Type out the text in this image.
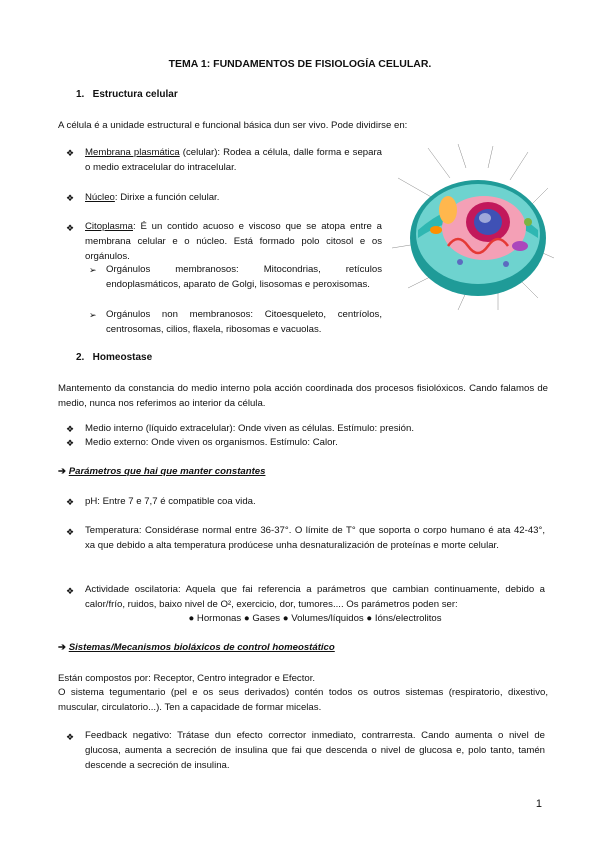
TEMA 1: FUNDAMENTOS DE FISIOLOGÍA CELULAR.
1.   Estructura celular
A célula é a unidade estructural e funcional básica dun ser vivo. Pode dividirse en:
❖ Membrana plasmática (celular): Rodea a célula, dalle forma e separa o medio extracelular do intracelular.
❖ Núcleo: Dirixe a función celular.
❖ Citoplasma: É un contido acuoso e viscoso que se atopa entre a membrana celular e o núcleo. Está formado polo citosol e os orgánulos.
➢ Orgánulos membranosos: Mitocondrias, retículos endoplasmáticos, aparato de Golgi, lisosomas e peroxisomas.
➢ Orgánulos non membranosos: Citoesqueleto, centríolos, centrosomas, cilios, flaxela, ribosomas e vacuolas.
2.   Homeostase
Mantemento da constancia do medio interno pola acción coordinada dos procesos fisiolóxicos. Cando falamos de medio, nunca nos referimos ao interior da célula.
❖ Medio interno (líquido extracelular): Onde viven as células. Estímulo: presión.
❖ Medio externo: Onde viven os organismos. Estímulo: Calor.
➔ Parámetros que hai que manter constantes
❖ pH: Entre 7 e 7,7 é compatible coa vida.
❖ Temperatura: Considérase normal entre 36-37°. O límite de T° que soporta o corpo humano é ata 42-43°, xa que debido a alta temperatura prodúcese unha desnaturalización de proteínas e morte celular.
❖ Actividade oscilatoria: Aquela que fai referencia a parámetros que cambian continuamente, debido a calor/frío, ruidos, baixo nivel de O², exercicio, dor, tumores.... Os parámetros poden ser:
● Hormonas ● Gases ● Volumes/líquidos ● Ións/electrolitos
➔ Sistemas/Mecanismos bioláxicos de control homeostático
Están compostos por: Receptor, Centro integrador e Efector.
O sistema tegumentario (pel e os seus derivados) contén todos os outros sistemas (respiratorio, dixestivo, muscular, circulatorio...). Ten a capacidade de formar micelas.
❖ Feedback negativo: Trátase dun efecto corrector inmediato, contrarresta. Cando aumenta o nivel de glucosa, aumenta a secreción de insulina que fai que descenda o nivel de glucosa e, polo tanto, tamén descende a secreción de insulina.
1
